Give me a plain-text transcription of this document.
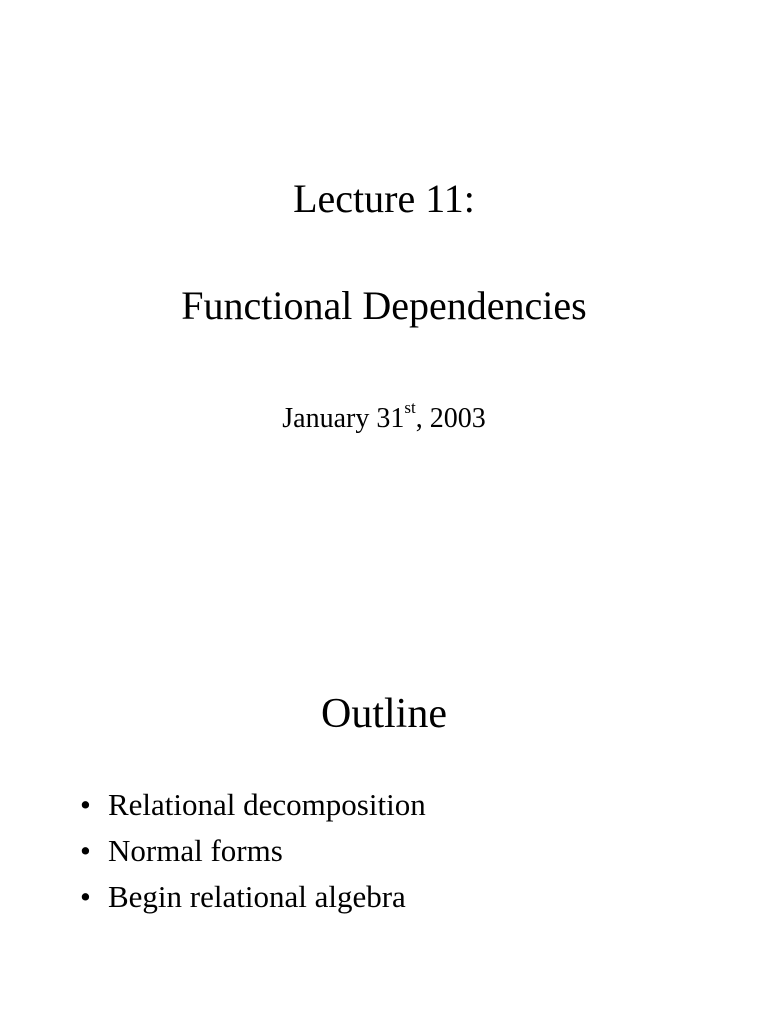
Lecture 11:
Functional Dependencies
January 31st, 2003
Outline
• Relational decomposition
• Normal forms
• Begin relational algebra
